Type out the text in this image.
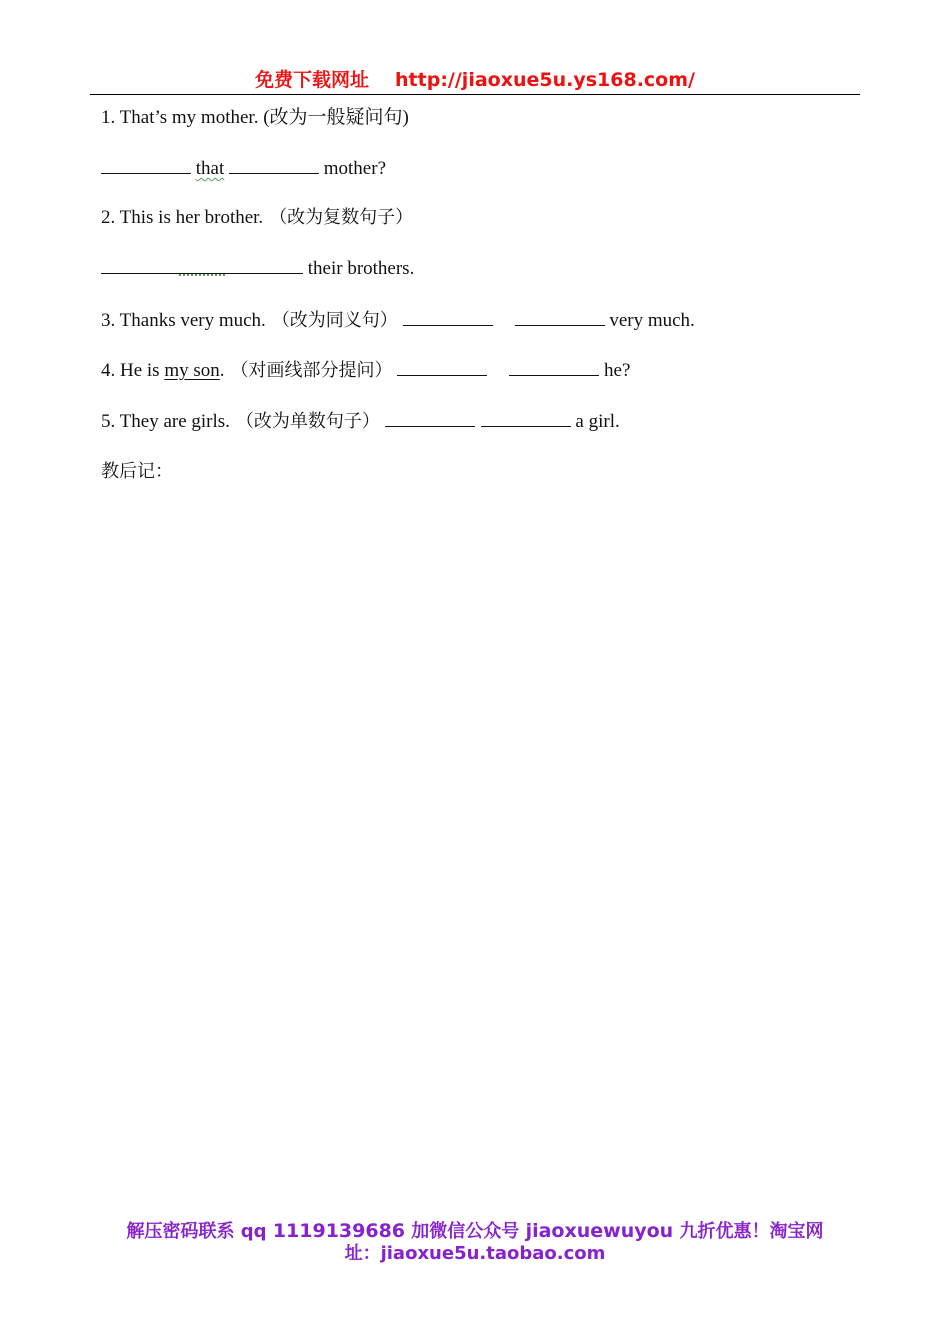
免费下载网址 http://jiaoxue5u.ys168.com/
1. That’s my mother. (改为一般疑问句)
that	mother?
2. This is her brother. （改为复数句子）
their brothers.
3. Thanks very much. （改为同义句）	very much.
4. He is my son. （对画线部分提问）	he?
5. They are girls. （改为单数句子）	a girl.
教后记：
解压密码联系 qq 1119139686 加微信公众号 jiaoxuewuyou 九折优惠！淘宝网
址：jiaoxue5u.taobao.com
